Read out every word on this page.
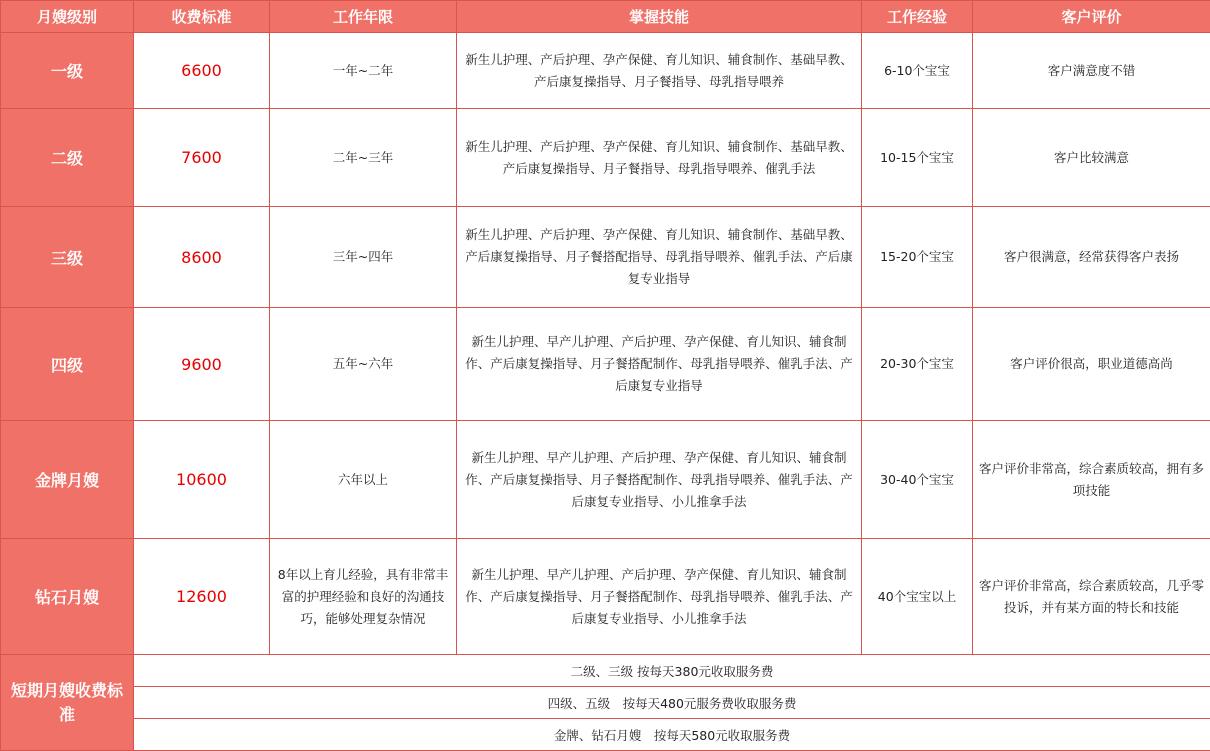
月嫂级别	收费标准	工作年限	掌握技能	工作经验	客户评价
一级	6600	一年~二年	新生儿护理、产后护理、孕产保健、育儿知识、辅食制作、基础早教、产后康复操指导、月子餐指导、母乳指导喂养	6-10个宝宝	客户满意度不错
二级	7600	二年~三年	新生儿护理、产后护理、孕产保健、育儿知识、辅食制作、基础早教、产后康复操指导、月子餐指导、母乳指导喂养、催乳手法	10-15个宝宝	客户比较满意
三级	8600	三年~四年	新生儿护理、产后护理、孕产保健、育儿知识、辅食制作、基础早教、产后康复操指导、月子餐搭配指导、母乳指导喂养、催乳手法、产后康复专业指导	15-20个宝宝	客户很满意，经常获得客户表扬
四级	9600	五年~六年	新生儿护理、早产儿护理、产后护理、孕产保健、育儿知识、辅食制作、产后康复操指导、月子餐搭配制作、母乳指导喂养、催乳手法、产后康复专业指导	20-30个宝宝	客户评价很高，职业道德高尚
金牌月嫂	10600	六年以上	新生儿护理、早产儿护理、产后护理、孕产保健、育儿知识、辅食制作、产后康复操指导、月子餐搭配制作、母乳指导喂养、催乳手法、产后康复专业指导、小儿推拿手法	30-40个宝宝	客户评价非常高，综合素质较高，拥有多项技能
钻石月嫂	12600	8年以上育儿经验，具有非常丰富的护理经验和良好的沟通技巧，能够处理复杂情况	新生儿护理、早产儿护理、产后护理、孕产保健、育儿知识、辅食制作、产后康复操指导、月子餐搭配制作、母乳指导喂养、催乳手法、产后康复专业指导、小儿推拿手法	40个宝宝以上	客户评价非常高，综合素质较高，几乎零投诉，并有某方面的特长和技能
短期月嫂收费标准	二级、三级 按每天380元收取服务费				
	四级、五级　按每天480元服务费收取服务费				
	金牌、钻石月嫂　按每天580元收取服务费				
